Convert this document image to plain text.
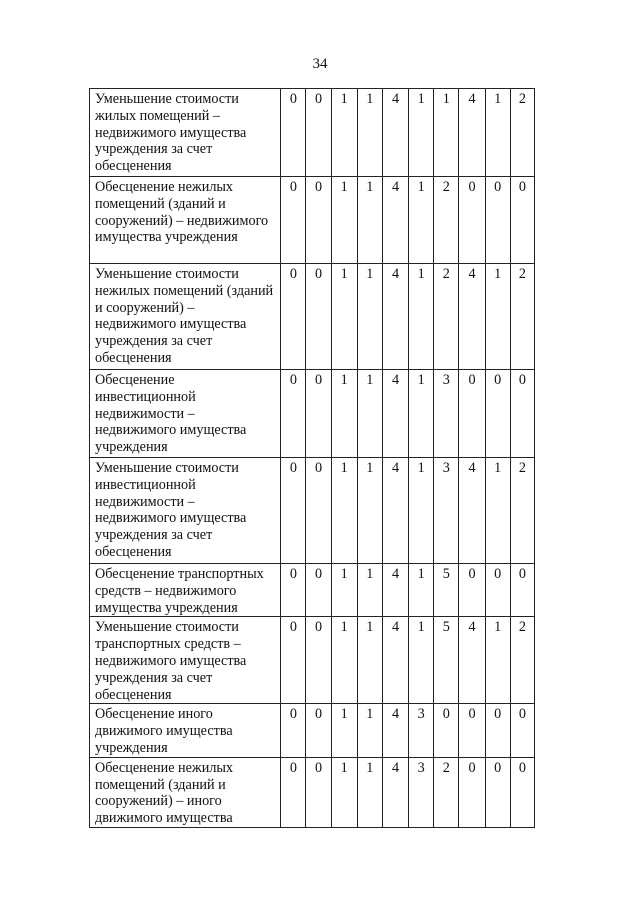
34
Уменьшение стоимости жилых помещений – недвижимого имущества учреждения за счет обесценения	0	0	1	1	4	1	1	4	1	2
Обесценение нежилых помещений (зданий и сооружений) – недвижимого имущества учреждения	0	0	1	1	4	1	2	0	0	0
Уменьшение стоимости нежилых помещений (зданий и сооружений) – недвижимого имущества учреждения за счет обесценения	0	0	1	1	4	1	2	4	1	2
Обесценение инвестиционной недвижимости – недвижимого имущества учреждения	0	0	1	1	4	1	3	0	0	0
Уменьшение стоимости инвестиционной недвижимости – недвижимого имущества учреждения за счет обесценения	0	0	1	1	4	1	3	4	1	2
Обесценение транспортных средств – недвижимого имущества учреждения	0	0	1	1	4	1	5	0	0	0
Уменьшение стоимости транспортных средств – недвижимого имущества учреждения за счет обесценения	0	0	1	1	4	1	5	4	1	2
Обесценение иного движимого имущества учреждения	0	0	1	1	4	3	0	0	0	0
Обесценение нежилых помещений (зданий и сооружений) – иного движимого имущества	0	0	1	1	4	3	2	0	0	0
